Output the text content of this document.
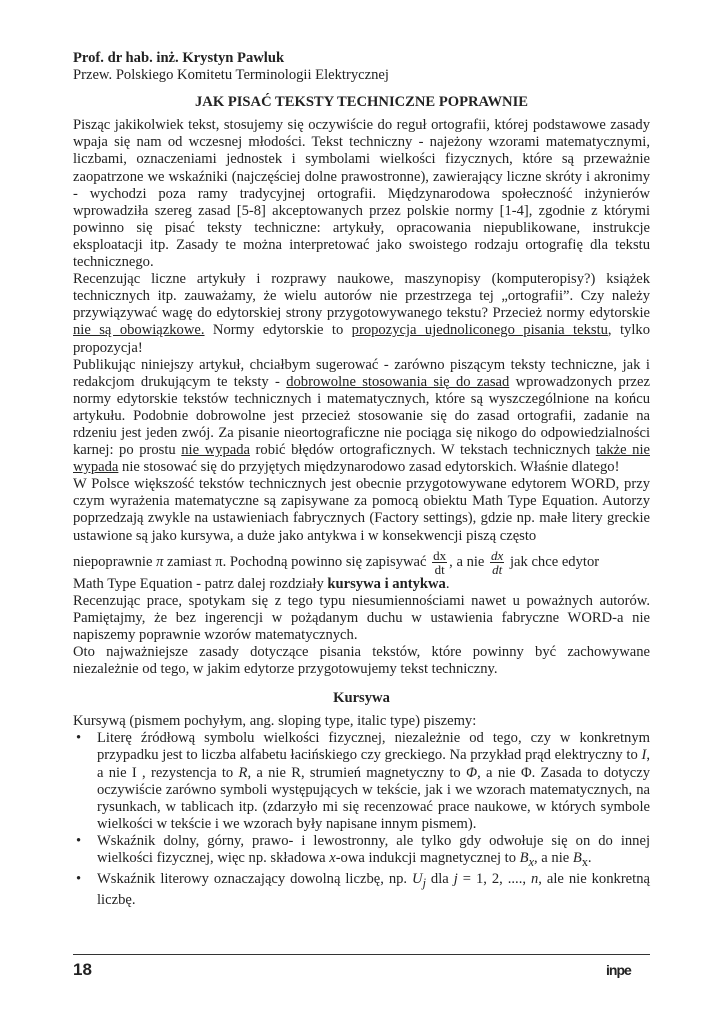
Prof. dr hab. inż. Krystyn Pawluk
Przew. Polskiego Komitetu Terminologii Elektrycznej
JAK PISAĆ TEKSTY TECHNICZNE POPRAWNIE

Pisząc jakikolwiek tekst, stosujemy się oczywiście do reguł ortografii, której podstawowe zasady wpaja się nam od wczesnej młodości. Tekst techniczny - najeżony wzorami matematycznymi, liczbami, oznaczeniami jednostek i symbolami wielkości fizycznych, które są przeważnie zaopatrzone we wskaźniki (najczęściej dolne prawostronne), zawierający liczne skróty i akronimy - wychodzi poza ramy tradycyjnej ortografii. Międzynarodowa społeczność inżynierów wprowadziła szereg zasad [5-8] akceptowanych przez polskie normy [1-4], zgodnie z którymi powinno się pisać teksty techniczne: artykuły, opracowania niepublikowane, instrukcje eksploatacji itp. Zasady te można interpretować jako swoistego rodzaju ortografię dla tekstu technicznego.

Recenzując liczne artykuły i rozprawy naukowe, maszynopisy (komputeropisy?) książek technicznych itp. zauważamy, że wielu autorów nie przestrzega tej „ortografii”. Czy należy przywiązywać wagę do edytorskiej strony przygotowywanego tekstu? Przecież normy edytorskie nie są obowiązkowe. Normy edytorskie to propozycja ujednoliconego pisania tekstu, tylko propozycja!

Publikując niniejszy artykuł, chciałbym sugerować - zarówno piszącym teksty techniczne, jak i redakcjom drukującym te teksty - dobrowolne stosowania się do zasad wprowadzonych przez normy edytorskie tekstów technicznych i matematycznych, które są wyszczególnione na końcu artykułu. Podobnie dobrowolne jest przecież stosowanie się do zasad ortografii, zadanie na rdzeniu jest jeden zwój. Za pisanie nieortograficzne nie pociąga się nikogo do odpowiedzialności karnej: po prostu nie wypada robić błędów ortograficznych. W tekstach technicznych także nie wypada nie stosować się do przyjętych międzynarodowo zasad edytorskich. Właśnie dlatego!

W Polsce większość tekstów technicznych jest obecnie przygotowywane edytorem WORD, przy czym wyrażenia matematyczne są zapisywane za pomocą obiektu Math Type Equation. Autorzy poprzedzają zwykle na ustawieniach fabrycznych (Factory settings), gdzie np. małe litery greckie ustawione są jako kursywa, a duże jako antykwa i w konsekwencji piszą często

niepoprawnie π zamiast π. Pochodną powinno się zapisywać $\frac{dx}{dt}$ , a nie $\frac{dx}{dt}$ jak chce edytor

Math Type Equation - patrz dalej rozdziały kursywa i antykwa.

Recenzując prace, spotykam się z tego typu niesumiennościami nawet u poważnych autorów. Pamiętajmy, że bez ingerencji w pożądanym duchu w ustawienia fabryczne WORD-a nie napiszemy poprawnie wzorów matematycznych.

Oto najważniejsze zasady dotyczące pisania tekstów, które powinny być zachowywane niezależnie od tego, w jakim edytorze przygotowujemy tekst techniczny.

Kursywa

Kursywą (pismem pochyłym, ang. sloping type, italic type) piszemy:

• Literę źródłową symbolu wielkości fizycznej, niezależnie od tego, czy w konkretnym przypadku jest to liczba alfabetu łacińskiego czy greckiego. Na przykład prąd elektryczny to I, a nie I , rezystencja to R, a nie R, strumień magnetyczny to Φ, a nie Φ. Zasada to dotyczy oczywiście zarówno symboli występujących w tekście, jak i we wzorach matematycznych, na rysunkach, w tablicach itp. (zdarzyło mi się recenzować prace naukowe, w których symbole wielkości w tekście i we wzorach były napisane innym pismem).
• Wskaźnik dolny, górny, prawo- i lewostronny, ale tylko gdy odwołuje się on do innej wielkości fizycznej, więc np. składowa x-owa indukcji magnetycznej to $B_x$, a nie $B_x$.
• Wskaźnik literowy oznaczający dowolną liczbę, np. $U_j$ dla j = 1, 2, ...., n, ale nie konkretną liczbę.
18	inpe
